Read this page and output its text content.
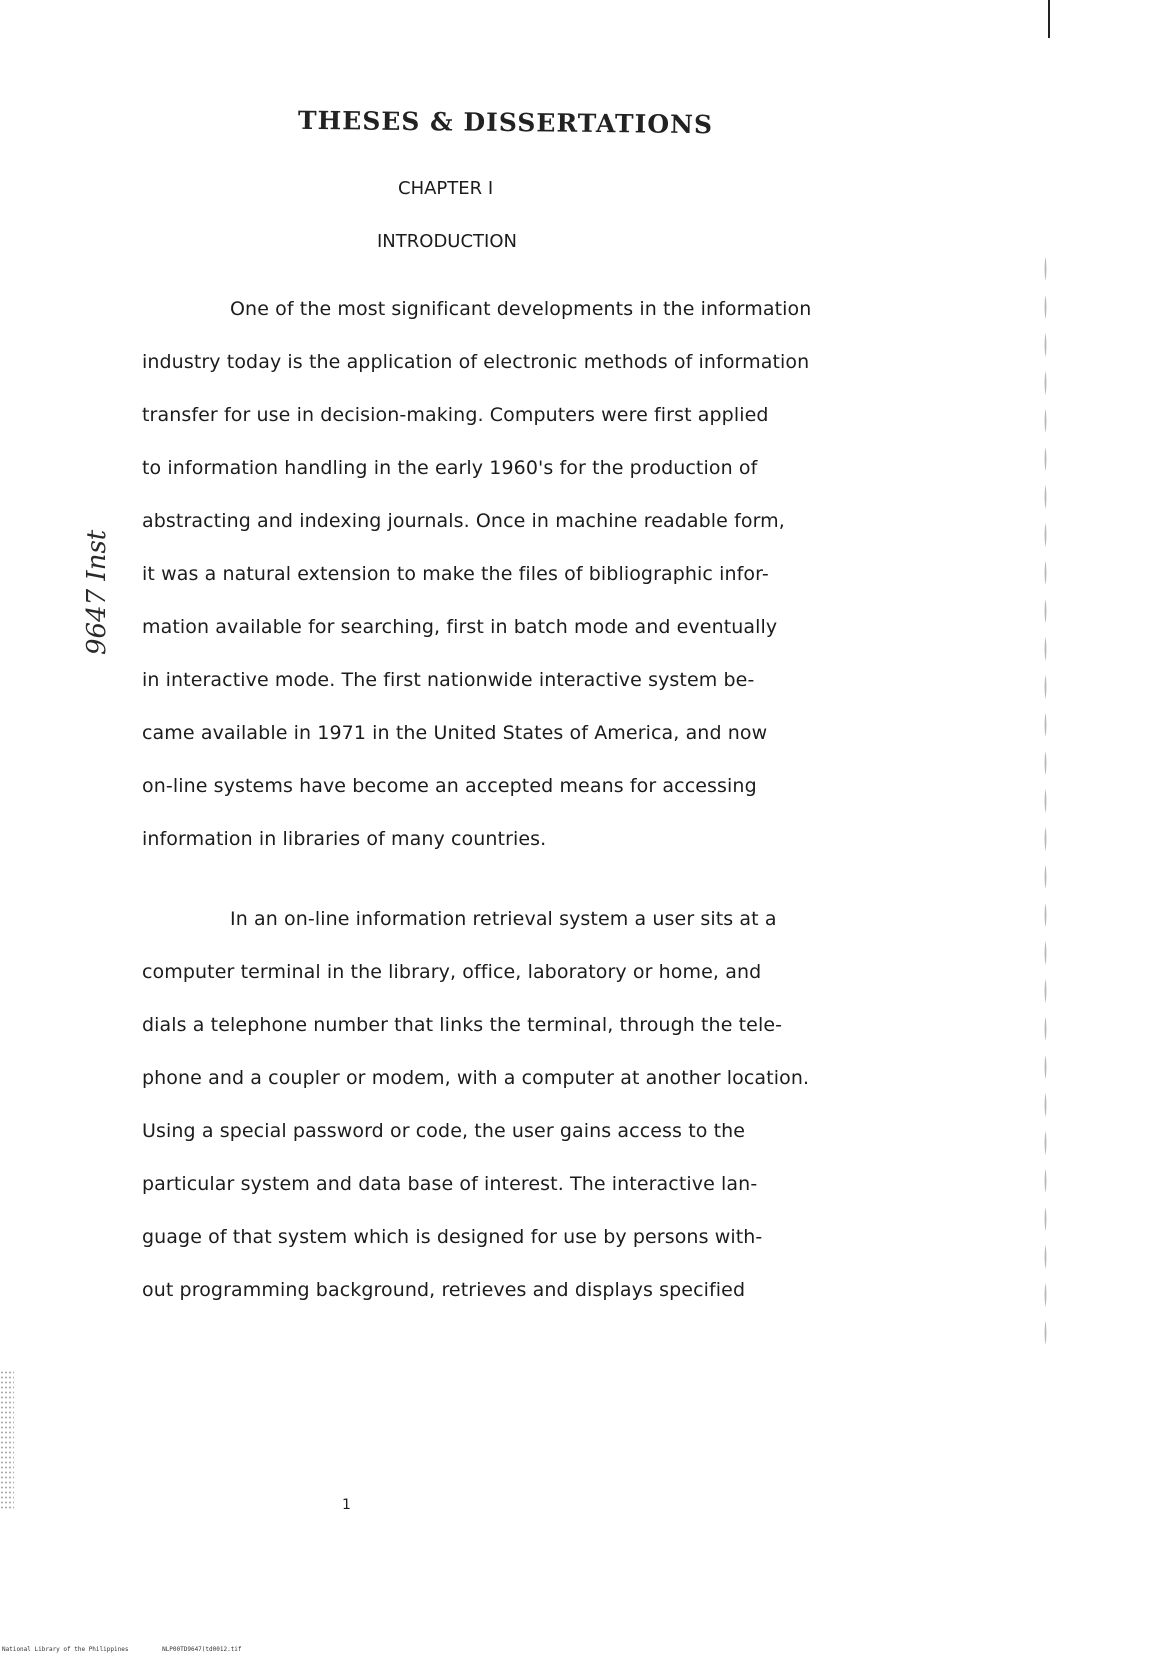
THESES & DISSERTATIONS
CHAPTER I
INTRODUCTION
One of the most significant developments in the information
industry today is the application of electronic methods of information
transfer for use in decision-making. Computers were first applied
to information handling in the early 1960's for the production of
abstracting and indexing journals. Once in machine readable form,
it was a natural extension to make the files of bibliographic infor-
mation available for searching, first in batch mode and eventually
in interactive mode. The first nationwide interactive system be-
came available in 1971 in the United States of America, and now
on-line systems have become an accepted means for accessing
information in libraries of many countries.
In an on-line information retrieval system a user sits at a
computer terminal in the library, office, laboratory or home, and
dials a telephone number that links the terminal, through the tele-
phone and a coupler or modem, with a computer at another location.
Using a special password or code, the user gains access to the
particular system and data base of interest. The interactive lan-
guage of that system which is designed for use by persons with-
out programming background, retrieves and displays specified
9647 Inst
1
National Library of the Philippines	NLP00TD9647(td0012.tif
